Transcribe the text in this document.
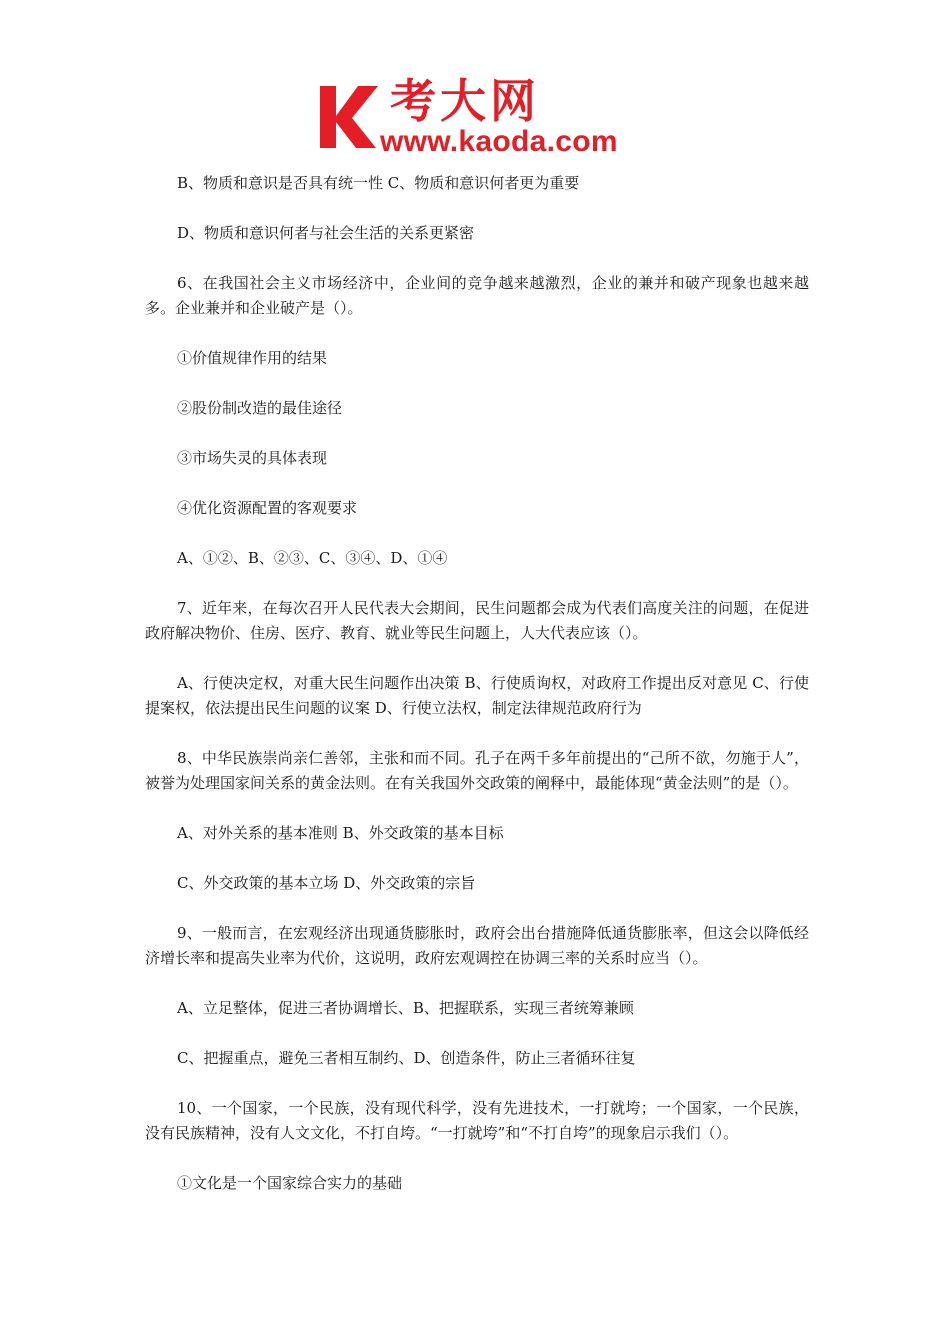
考大网
www.kaoda.com

B、物质和意识是否具有统一性 C、物质和意识何者更为重要

D、物质和意识何者与社会生活的关系更紧密

6、在我国社会主义市场经济中，企业间的竞争越来越激烈，企业的兼并和破产现象也越来越多。企业兼并和企业破产是（）。

①价值规律作用的结果

②股份制改造的最佳途径

③市场失灵的具体表现

④优化资源配置的客观要求

A、①②、B、②③、C、③④、D、①④

7、近年来，在每次召开人民代表大会期间，民生问题都会成为代表们高度关注的问题，在促进政府解决物价、住房、医疗、教育、就业等民生问题上，人大代表应该（）。

A、行使决定权，对重大民生问题作出决策 B、行使质询权，对政府工作提出反对意见 C、行使提案权，依法提出民生问题的议案 D、行使立法权，制定法律规范政府行为

8、中华民族崇尚亲仁善邻，主张和而不同。孔子在两千多年前提出的“己所不欲，勿施于人”，被誉为处理国家间关系的黄金法则。在有关我国外交政策的阐释中，最能体现“黄金法则”的是（）。

A、对外关系的基本准则 B、外交政策的基本目标

C、外交政策的基本立场 D、外交政策的宗旨

9、一般而言，在宏观经济出现通货膨胀时，政府会出台措施降低通货膨胀率，但这会以降低经济增长率和提高失业率为代价，这说明，政府宏观调控在协调三率的关系时应当（）。

A、立足整体，促进三者协调增长、B、把握联系，实现三者统筹兼顾

C、把握重点，避免三者相互制约、D、创造条件，防止三者循环往复

10、一个国家，一个民族，没有现代科学，没有先进技术，一打就垮；一个国家，一个民族，没有民族精神，没有人文文化，不打自垮。“一打就垮”和“不打自垮”的现象启示我们（）。

①文化是一个国家综合实力的基础
